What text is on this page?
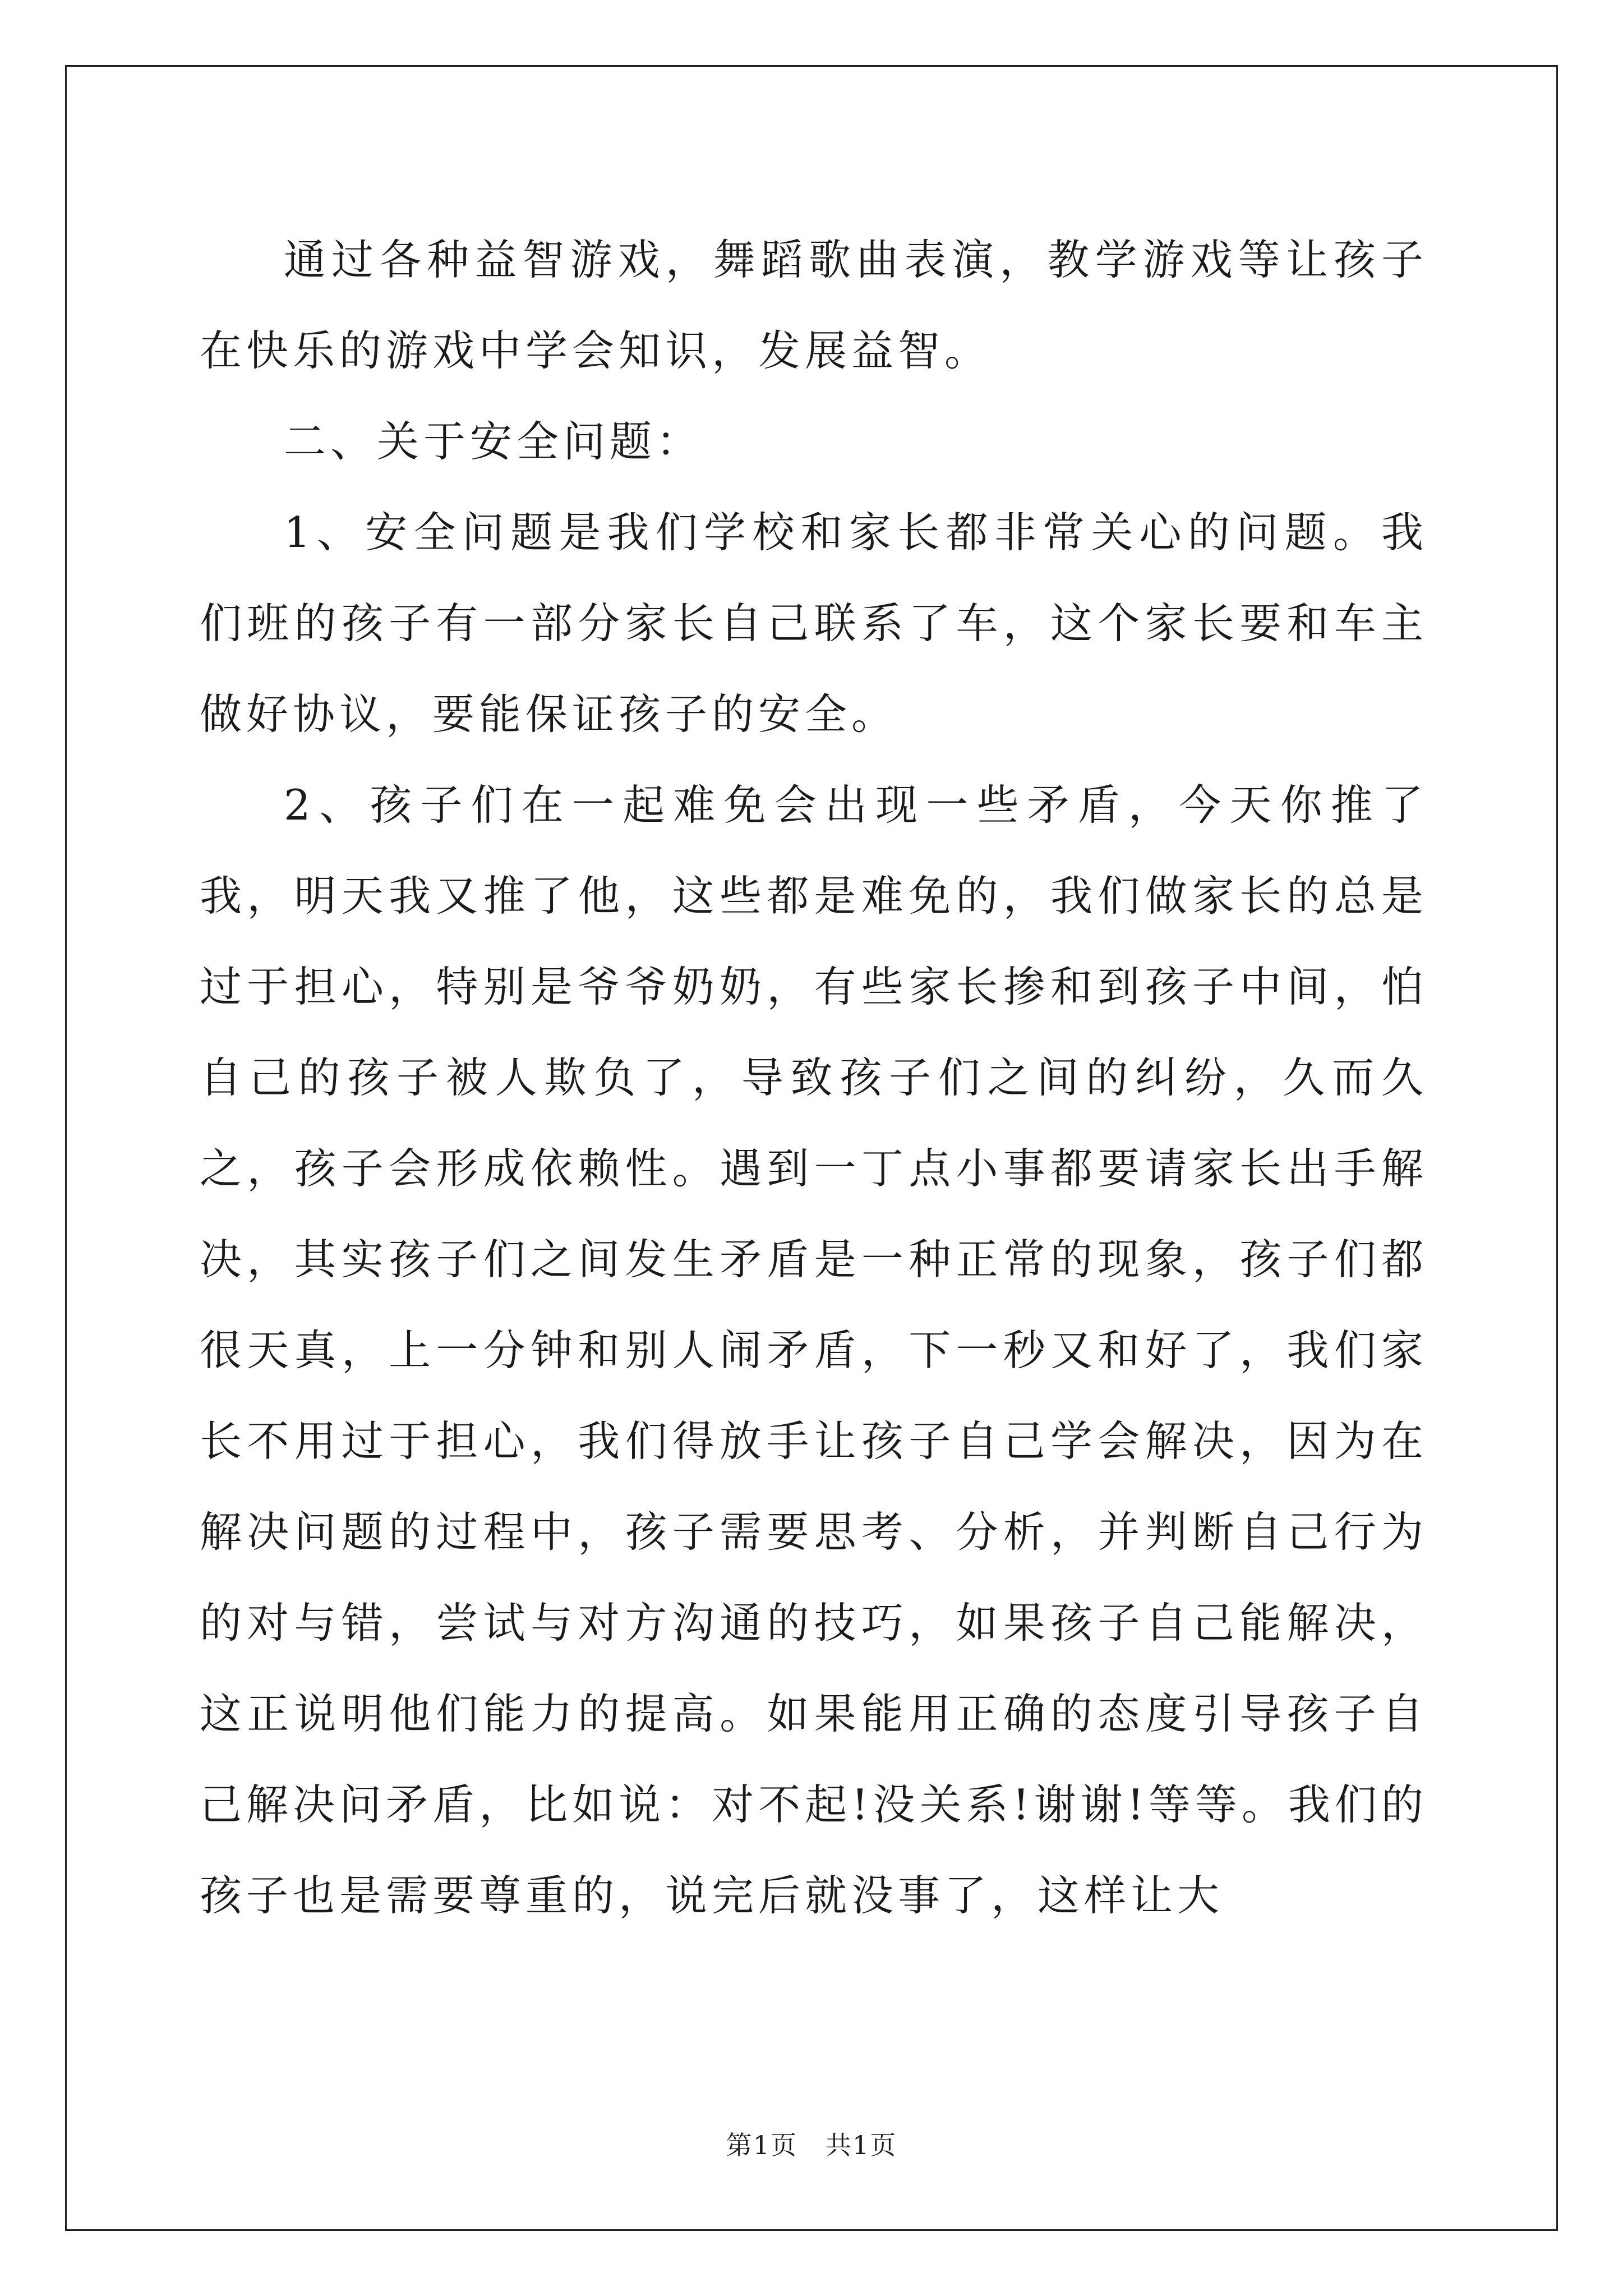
通过各种益智游戏，舞蹈歌曲表演，教学游戏等让孩子在快乐的游戏中学会知识，发展益智。

二、关于安全问题：

1、安全问题是我们学校和家长都非常关心的问题。我们班的孩子有一部分家长自己联系了车，这个家长要和车主做好协议，要能保证孩子的安全。

2、孩子们在一起难免会出现一些矛盾，今天你推了我，明天我又推了他，这些都是难免的，我们做家长的总是过于担心，特别是爷爷奶奶，有些家长掺和到孩子中间，怕自己的孩子被人欺负了，导致孩子们之间的纠纷，久而久之，孩子会形成依赖性。遇到一丁点小事都要请家长出手解决，其实孩子们之间发生矛盾是一种正常的现象，孩子们都很天真，上一分钟和别人闹矛盾，下一秒又和好了，我们家长不用过于担心，我们得放手让孩子自己学会解决，因为在解决问题的过程中，孩子需要思考、分析，并判断自己行为的对与错，尝试与对方沟通的技巧，如果孩子自己能解决，这正说明他们能力的提高。如果能用正确的态度引导孩子自己解决问矛盾，比如说：对不起!没关系!谢谢!等等。我们的孩子也是需要尊重的，说完后就没事了，这样让大

第1页   共1页
